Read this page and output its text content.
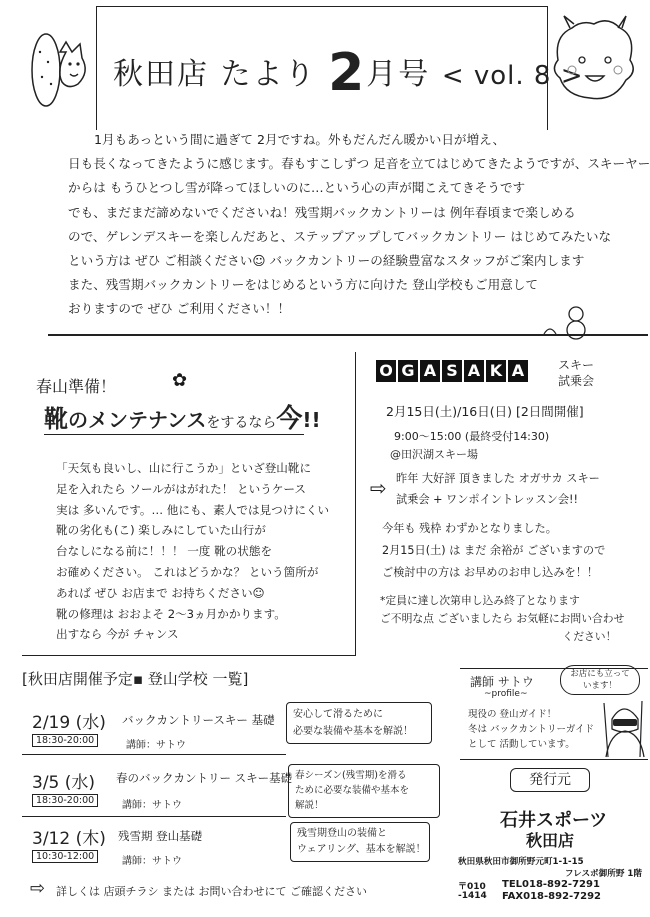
秋田店 たより 2月号 < vol. 8 >

1月もあっという間に過ぎて 2月ですね。外もだんだん暖かい日が増え、

日も長くなってきたように感じます。春もすこしずつ 足音を立てはじめてきたようですが、スキーヤー

からは もうひとつし雪が降ってほしいのに…という心の声が聞こえてきそうです

でも、まだまだ諦めないでくださいね！残雪期バックカントリーは 例年春頃まで楽しめる

ので、ゲレンデスキーを楽しんだあと、ステップアップしてバックカントリー はじめてみたいな

という方は ぜひ ご相談ください☺ バックカントリーの経験豊富なスタッフがご案内します

また、残雪期バックカントリーをはじめるという方に向けた 登山学校もご用意して

おりますので ぜひ ご利用ください！！

春山準備！	✿
靴のメンテナンスをするなら今!!
「天気も良いし、山に行こうか」といざ登山靴に
足を入れたら ソールがはがれた！ というケース
実は 多いんです。… 他にも、素人では見つけにくい
靴の劣化も(こ) 楽しみにしていた山行が
台なしになる前に！！！ 一度 靴の状態を
お確めください。 これはどうかな？ という箇所が
あれば ぜひ お店まで お持ちください☺
靴の修理は おおよそ 2〜3ヵ月かかります。
出すなら 今が チャンス
O G A S A K A	スキー
試乗会
2月15日(土)/16日(日) [2日間開催]
9:00〜15:00 (最終受付14:30)
@田沢湖スキー場
⇨ 昨年 大好評 頂きました オガサカ スキー
試乗会 + ワンポイントレッスン会!!
今年も 残枠 わずかとなりました。
2月15日(土) は まだ 余裕が ございますので
ご検討中の方は お早めのお申し込みを！！
*定員に達し次第申し込み終了となります
ご不明な点 ございましたら お気軽にお問い合わせ
ください！
[秋田店開催予定▪ 登山学校 一覧]
2/19 (水)
18:30-20:00
バックカントリースキー 基礎
講師：サトウ
安心して滑るために
必要な装備や基本を解説！
3/5 (水)
18:30-20:00
春のバックカントリー スキー基礎
講師：サトウ
春シーズン(残雪期)を滑る
ために必要な装備や基本を
解説！
3/12 (木)
10:30-12:00
残雪期 登山基礎
講師：サトウ
残雪期登山の装備と
ウェアリング、基本を解説！
⇨ 詳しくは 店頭チラシ または お問い合わせにて ご確認ください
講師 サトウ
~profile~
お店にも立って
います！
現役の 登山ガイド！
冬は バックカントリーガイド
として 活動しています。
発行元
石井スポーツ
秋田店
秋田県秋田市御所野元町1-1-15
フレスポ御所野 1階
〒010
-1414
TEL018-892-7291
FAX018-892-7292
